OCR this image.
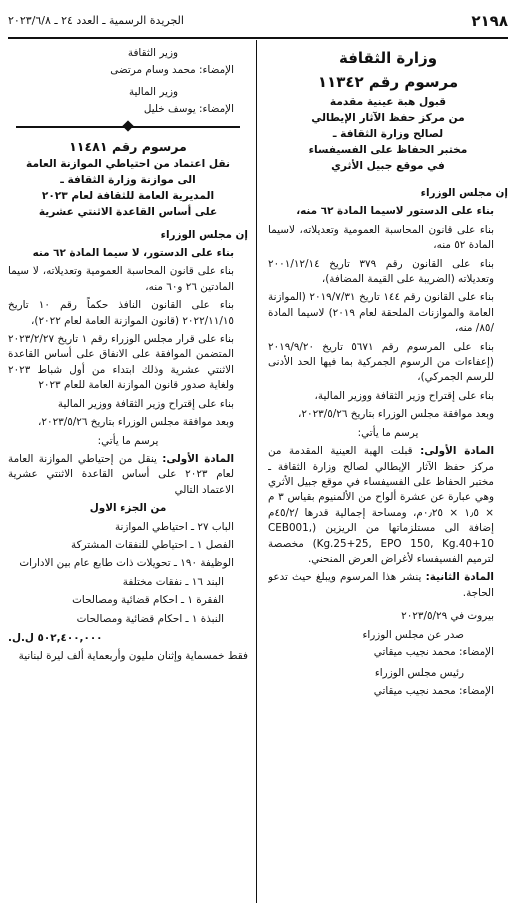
٢١٩٨
الجريدة الرسمية ـ العدد ٢٤ ـ ٢٠٢٣/٦/٨
وزارة الثقافة
مرسوم رقم ١١٣٤٢
قبول هبة عينية مقدمة
من مركز حفظ الآثار الإيطالي
لصالح وزارة الثقافة ـ
مختبر الحفاظ على الفسيفساء
في موقع جبيل الأثري

إن مجلس الوزراء

بناء على الدستور لاسيما المادة ٦٢ منه،

بناء على قانون المحاسبة العمومية وتعديلاته، لاسيما المادة ٥٢ منه،

بناء على القانون رقم ٣٧٩ تاريخ ٢٠٠١/١٢/١٤ وتعديلاته (الضريبة على القيمة المضافة)،

بناء على القانون رقم ١٤٤ تاريخ ٢٠١٩/٧/٣١ (الموازنة العامة والموازنات الملحقة لعام ٢٠١٩) لاسيما المادة /٨٥/ منه،

بناء على المرسوم رقم ٥٦٧١ تاريخ ٢٠١٩/٩/٢٠ (إعفاءات من الرسوم الجمركية بما فيها الحد الأدنى للرسم الجمركي)،

بناء على إقتراح وزير الثقافة ووزير المالية،

وبعد موافقة مجلس الوزراء بتاريخ ٢٠٢٣/٥/٢٦،

يرسم ما يأتي:

المادة الأولى: قبلت الهبة العينية المقدمة من مركز حفظ الآثار الإيطالي لصالح وزارة الثقافة ـ مختبر الحفاظ على الفسيفساء في موقع جبيل الأثري وهي عبارة عن عشرة ألواح من الألمنيوم بقياس ٣ م × ١٫٥ × ٠٫٢٥م، ومساحة إجمالية قدرها /٤٥/٢م إضافة الى مستلزماتها من الريزين (CEB001, Kg.25+25, EPO 150, Kg.40+10) مخصصة لترميم الفسيفساء لأغراض العرض المنحني.

المادة الثانية: ينشر هذا المرسوم ويبلغ حيث تدعو الحاجة.

بيروت في ٢٠٢٣/٥/٢٩

صدر عن مجلس الوزراء

الإمضاء: محمد نجيب ميقاتي

رئيس مجلس الوزراء

الإمضاء: محمد نجيب ميقاتي

وزير الثقافة

الإمضاء: محمد وسام مرتضى

وزير المالية

الإمضاء: يوسف خليل

مرسوم رقم ١١٤٨١
نقل اعتماد من احتياطي الموازنة العامة
الى موازنة وزارة الثقافة ـ
المديرية العامة للثقافة لعام ٢٠٢٣
على أساس القاعدة الاثنتي عشرية

إن مجلس الوزراء

بناء على الدستور، لا سيما المادة ٦٢ منه

بناء على قانون المحاسبة العمومية وتعديلاته، لا سيما المادتين ٢٦ و٦٠ منه،

بناء على القانون النافذ حكماً رقم ١٠ تاريخ ٢٠٢٢/١١/١٥ (قانون الموازنة العامة لعام ٢٠٢٢)،

بناء على قرار مجلس الوزراء رقم ١ تاريخ ٢٠٢٣/٢/٢٧ المتضمن الموافقة على الانفاق على أساس القاعدة الاثنتي عشرية وذلك ابتداء من أول شباط ٢٠٢٣ ولغاية صدور قانون الموازنة العامة للعام ٢٠٢٣

بناء على إقتراح وزير الثقافة ووزير المالية

وبعد موافقة مجلس الوزراء بتاريخ ٢٠٢٣/٥/٢٦،

يرسم ما يأتي:

المادة الأولى: ينقل من إحتياطي الموازنة العامة لعام ٢٠٢٣ على أساس القاعدة الاثنتي عشرية الاعتماد التالي

من الجزء الاول

الباب ٢٧ ـ احتياطي الموازنة

الفصل ١ ـ احتياطي للنفقات المشتركة

الوظيفة ١٩٠ ـ تحويلات ذات طابع عام بين الادارات

البند ١٦ ـ نفقات مختلفة

الفقرة ١ ـ احكام قضائية ومصالحات

النبذة ١ ـ احكام قضائية ومصالحات

٥٠٢,٤٠٠,٠٠٠ ل.ل.

فقط خمسماية وإثنان مليون وأربعماية ألف ليرة لبنانية
